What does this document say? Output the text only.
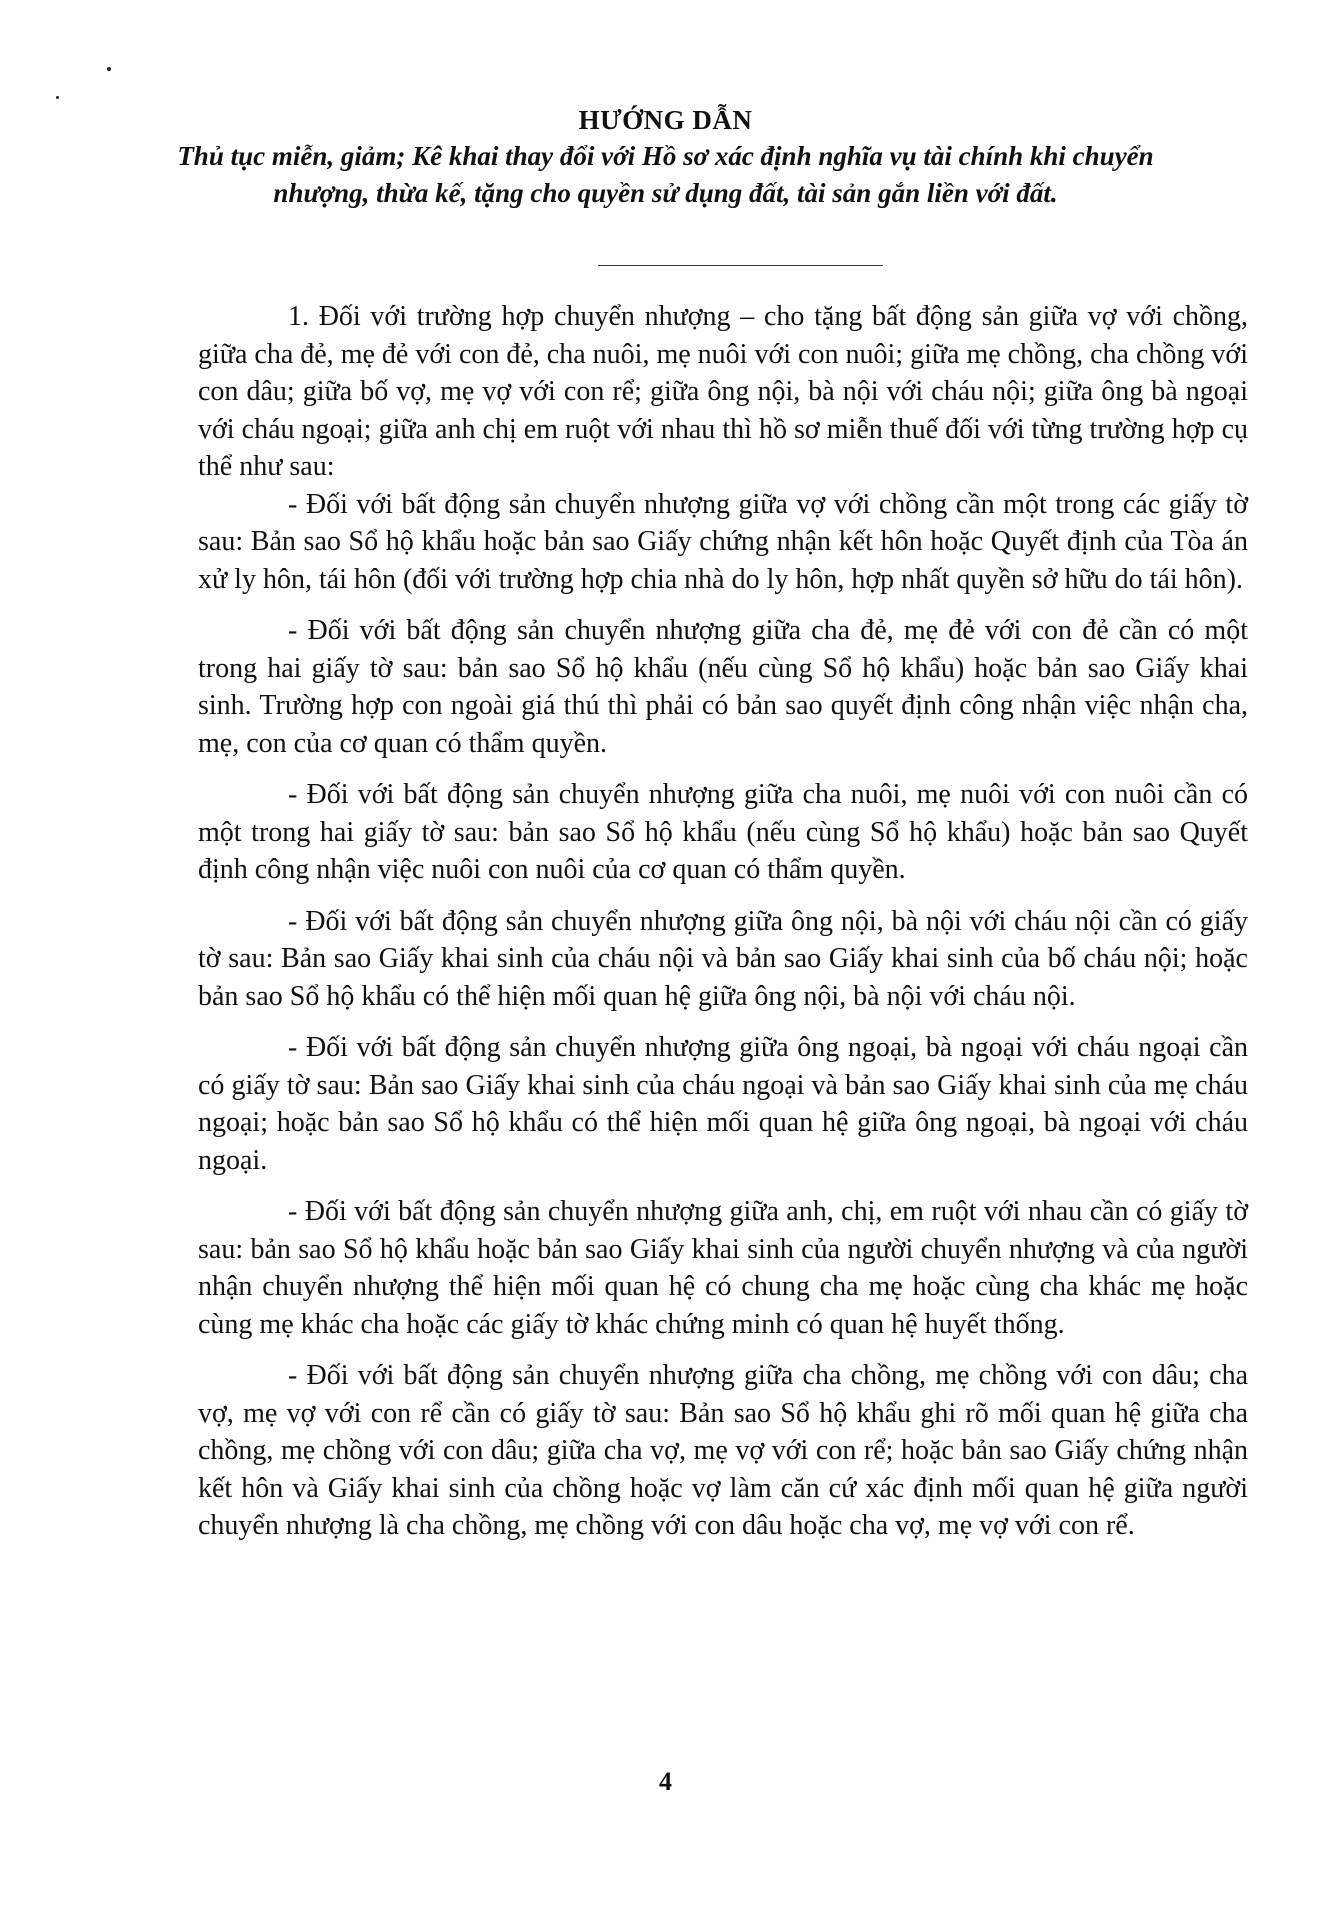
HƯỚNG DẪN
Thủ tục miễn, giảm; Kê khai thay đổi với Hồ sơ xác định nghĩa vụ tài chính khi chuyển nhượng, thừa kế, tặng cho quyền sử dụng đất, tài sản gắn liền với đất.

1. Đối với trường hợp chuyển nhượng – cho tặng bất động sản giữa vợ với chồng, giữa cha đẻ, mẹ đẻ với con đẻ, cha nuôi, mẹ nuôi với con nuôi; giữa mẹ chồng, cha chồng với con dâu; giữa bố vợ, mẹ vợ với con rể; giữa ông nội, bà nội với cháu nội; giữa ông bà ngoại với cháu ngoại; giữa anh chị em ruột với nhau thì hồ sơ miễn thuế đối với từng trường hợp cụ thể như sau:

- Đối với bất động sản chuyển nhượng giữa vợ với chồng cần một trong các giấy tờ sau: Bản sao Sổ hộ khẩu hoặc bản sao Giấy chứng nhận kết hôn hoặc Quyết định của Tòa án xử ly hôn, tái hôn (đối với trường hợp chia nhà do ly hôn, hợp nhất quyền sở hữu do tái hôn).

- Đối với bất động sản chuyển nhượng giữa cha đẻ, mẹ đẻ với con đẻ cần có một trong hai giấy tờ sau: bản sao Sổ hộ khẩu (nếu cùng Sổ hộ khẩu) hoặc bản sao Giấy khai sinh. Trường hợp con ngoài giá thú thì phải có bản sao quyết định công nhận việc nhận cha, mẹ, con của cơ quan có thẩm quyền.

- Đối với bất động sản chuyển nhượng giữa cha nuôi, mẹ nuôi với con nuôi cần có một trong hai giấy tờ sau: bản sao Sổ hộ khẩu (nếu cùng Sổ hộ khẩu) hoặc bản sao Quyết định công nhận việc nuôi con nuôi của cơ quan có thẩm quyền.

- Đối với bất động sản chuyển nhượng giữa ông nội, bà nội với cháu nội cần có giấy tờ sau: Bản sao Giấy khai sinh của cháu nội và bản sao Giấy khai sinh của bố cháu nội; hoặc bản sao Sổ hộ khẩu có thể hiện mối quan hệ giữa ông nội, bà nội với cháu nội.

- Đối với bất động sản chuyển nhượng giữa ông ngoại, bà ngoại với cháu ngoại cần có giấy tờ sau: Bản sao Giấy khai sinh của cháu ngoại và bản sao Giấy khai sinh của mẹ cháu ngoại; hoặc bản sao Sổ hộ khẩu có thể hiện mối quan hệ giữa ông ngoại, bà ngoại với cháu ngoại.

- Đối với bất động sản chuyển nhượng giữa anh, chị, em ruột với nhau cần có giấy tờ sau: bản sao Sổ hộ khẩu hoặc bản sao Giấy khai sinh của người chuyển nhượng và của người nhận chuyển nhượng thể hiện mối quan hệ có chung cha mẹ hoặc cùng cha khác mẹ hoặc cùng mẹ khác cha hoặc các giấy tờ khác chứng minh có quan hệ huyết thống.

- Đối với bất động sản chuyển nhượng giữa cha chồng, mẹ chồng với con dâu; cha vợ, mẹ vợ với con rể cần có giấy tờ sau: Bản sao Sổ hộ khẩu ghi rõ mối quan hệ giữa cha chồng, mẹ chồng với con dâu; giữa cha vợ, mẹ vợ với con rể; hoặc bản sao Giấy chứng nhận kết hôn và Giấy khai sinh của chồng hoặc vợ làm căn cứ xác định mối quan hệ giữa người chuyển nhượng là cha chồng, mẹ chồng với con dâu hoặc cha vợ, mẹ vợ với con rể.

4
